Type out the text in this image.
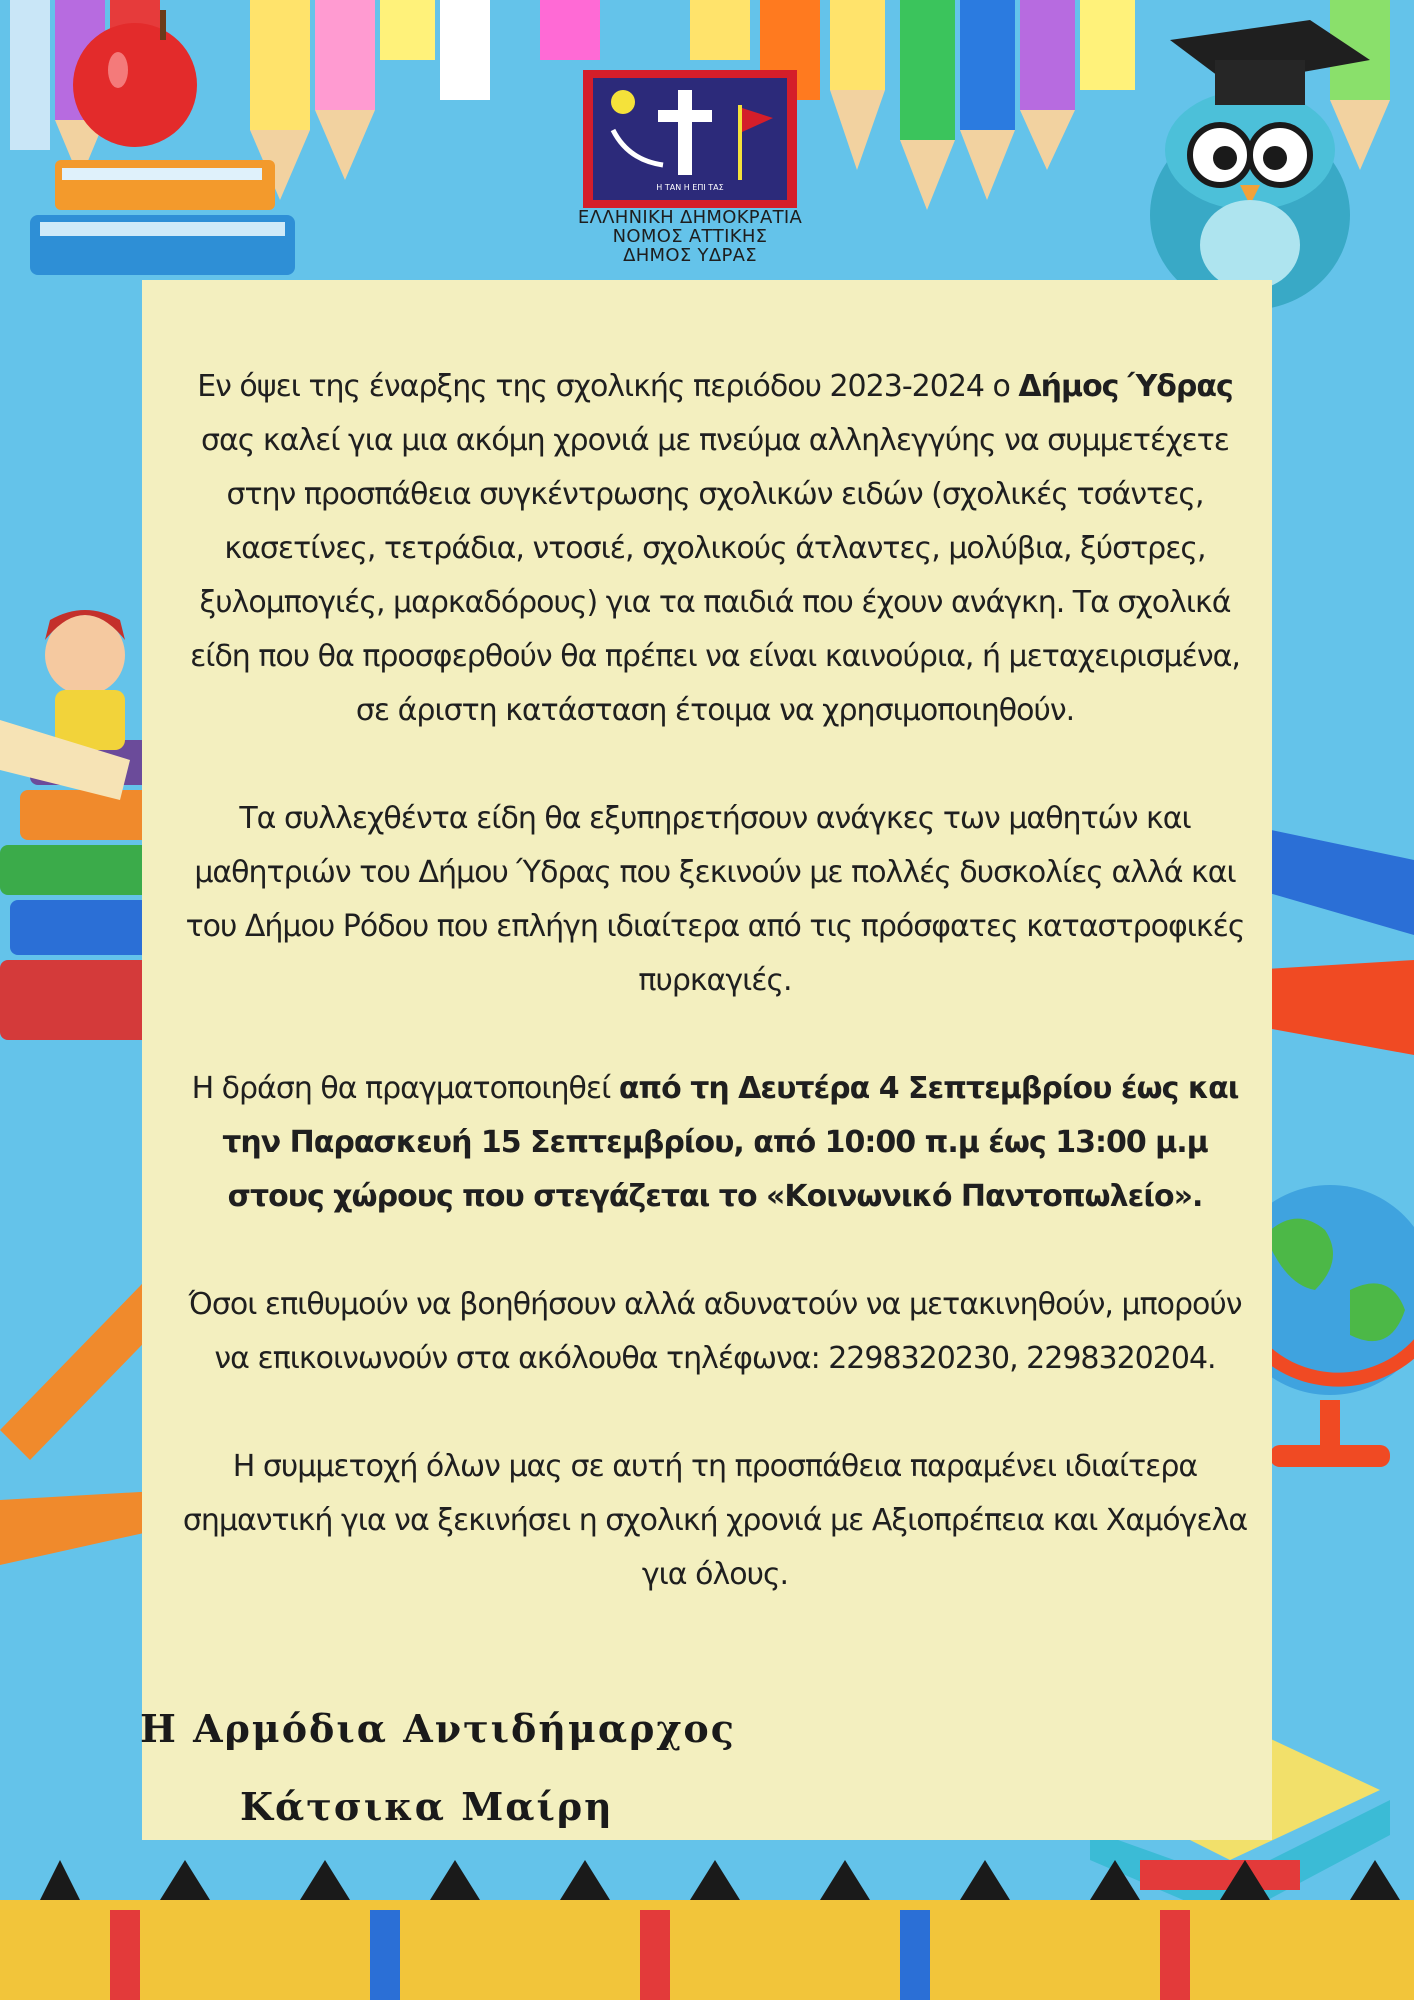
Η ΤΑΝ Η ΕΠΙ ΤΑΣ
ΕΛΛΗΝΙΚΗ ΔΗΜΟΚΡΑΤΙΑ
ΝΟΜΟΣ ΑΤΤΙΚΗΣ
ΔΗΜΟΣ ΥΔΡΑΣ

Εν όψει της έναρξης της σχολικής περιόδου 2023-2024 ο Δήμος Ύδρας σας καλεί για μια ακόμη χρονιά με πνεύμα αλληλεγγύης να συμμετέχετε στην προσπάθεια συγκέντρωσης σχολικών ειδών (σχολικές τσάντες, κασετίνες, τετράδια, ντοσιέ, σχολικούς άτλαντες, μολύβια, ξύστρες, ξυλομπογιές, μαρκαδόρους) για τα παιδιά που έχουν ανάγκη. Τα σχολικά είδη που θα προσφερθούν θα πρέπει να είναι καινούρια, ή μεταχειρισμένα, σε άριστη κατάσταση έτοιμα να χρησιμοποιηθούν.

Τα συλλεχθέντα είδη θα εξυπηρετήσουν ανάγκες των μαθητών και μαθητριών του Δήμου Ύδρας που ξεκινούν με πολλές δυσκολίες αλλά και του Δήμου Ρόδου που επλήγη ιδιαίτερα από τις πρόσφατες καταστροφικές πυρκαγιές.

Η δράση θα πραγματοποιηθεί από τη Δευτέρα 4 Σεπτεμβρίου έως και την Παρασκευή 15 Σεπτεμβρίου, από 10:00 π.μ έως 13:00 μ.μ στους χώρους που στεγάζεται το «Κοινωνικό Παντοπωλείο».

Όσοι επιθυμούν να βοηθήσουν αλλά αδυνατούν να μετακινηθούν, μπορούν να επικοινωνούν στα ακόλουθα τηλέφωνα: 2298320230, 2298320204.

Η συμμετοχή όλων μας σε αυτή τη προσπάθεια παραμένει ιδιαίτερα σημαντική για να ξεκινήσει η σχολική χρονιά με Αξιοπρέπεια και Χαμόγελα για όλους.

Η Αρμόδια Αντιδήμαρχος
Κάτσικα Μαίρη
